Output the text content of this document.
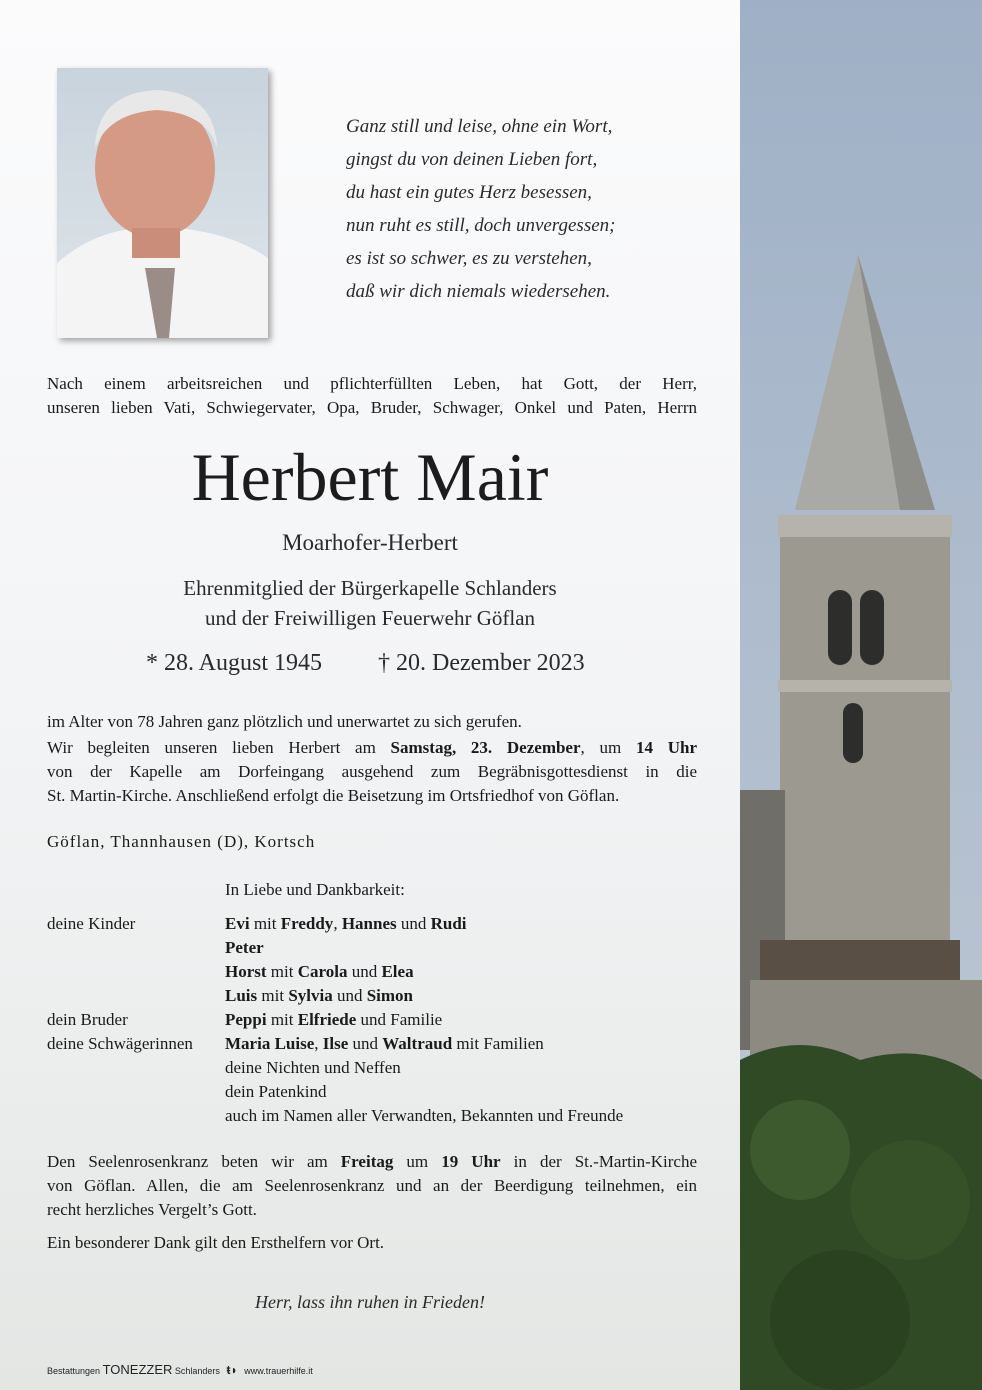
Ganz still und leise, ohne ein Wort,
gingst du von deinen Lieben fort,
du hast ein gutes Herz besessen,
nun ruht es still, doch unvergessen;
es ist so schwer, es zu verstehen,
daß wir dich niemals wiedersehen.
Nach einem arbeitsreichen und pflichterfüllten Leben, hat Gott, der Herr,
unseren lieben Vati, Schwiegervater, Opa, Bruder, Schwager, Onkel und Paten, Herrn
Herbert Mair
Moarhofer-Herbert
Ehrenmitglied der Bürgerkapelle Schlanders
und der Freiwilligen Feuerwehr Göflan
* 28. August 1945 † 20. Dezember 2023
im Alter von 78 Jahren ganz plötzlich und unerwartet zu sich gerufen.
Wir begleiten unseren lieben Herbert am Samstag, 23. Dezember, um 14 Uhr
von der Kapelle am Dorfeingang ausgehend zum Begräbnisgottesdienst in die
St. Martin-Kirche. Anschließend erfolgt die Beisetzung im Ortsfriedhof von Göflan.
Göflan, Thannhausen (D), Kortsch
In Liebe und Dankbarkeit:
deine Kinder	Evi mit Freddy, Hannes und Rudi
Peter
Horst mit Carola und Elea
Luis mit Sylvia und Simon
dein Bruder	Peppi mit Elfriede und Familie
deine Schwägerinnen Maria Luise, Ilse und Waltraud mit Familien
deine Nichten und Neffen
dein Patenkind
auch im Namen aller Verwandten, Bekannten und Freunde
Den Seelenrosenkranz beten wir am Freitag um 19 Uhr in der St.-Martin-Kirche
von Göflan. Allen, die am Seelenrosenkranz und an der Beerdigung teilnehmen, ein
recht herzliches Vergelt’s Gott.
Ein besonderer Dank gilt den Ersthelfern vor Ort.
Herr, lass ihn ruhen in Frieden!
Bestattungen TONEZZER Schlanders ŧ◗ www.trauerhilfe.it
